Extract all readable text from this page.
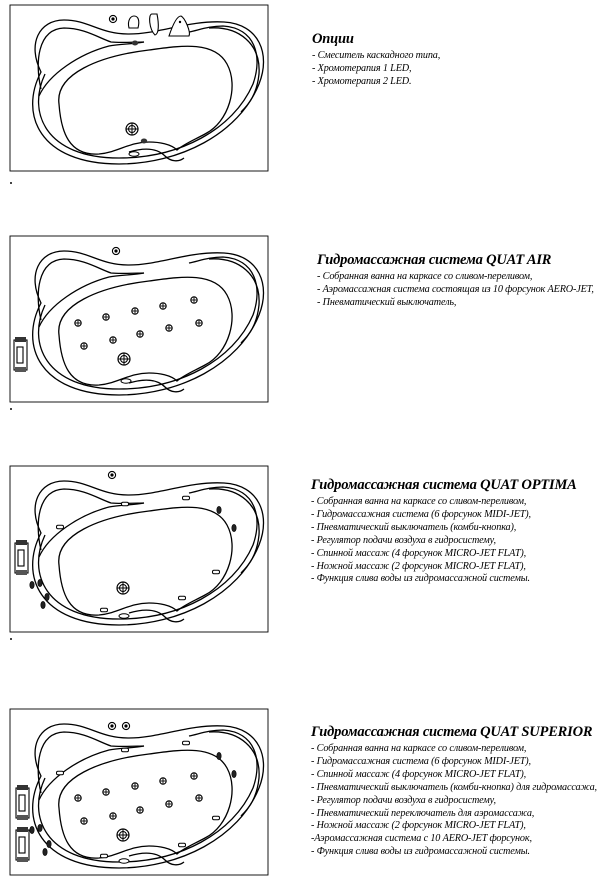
Опции
- Смеситель каскадного типа,
- Хромотерапия 1 LED,
- Хромотерапия 2 LED.
Гидромассажная система QUAT AIR
- Собранная ванна на каркасе со сливом-переливом,
- Аэромассажная система состоящая из 10 форсунок AERO-JET,
- Пневматический выключатель,
Гидромассажная система QUAT OPTIMA
- Собранная ванна на каркасе со сливом-переливом,
- Гидромассажная система (6 форсунок MIDI-JET),
- Пневматический выключатель (комби-кнопка),
- Регулятор подачи воздуха в гидросистему,
- Спинной массаж (4 форсунок MICRO-JET FLAT),
- Ножной массаж (2 форсунок MICRO-JET FLAT),
- Функция слива воды из гидромассажной системы.
Гидромассажная система QUAT SUPERIOR
- Собранная ванна на каркасе со сливом-переливом,
- Гидромассажная система (6 форсунок MIDI-JET),
- Спинной массаж (4 форсунок MICRO-JET FLAT),
- Пневматический выключатель (комби-кнопка) для гидромассажа,
- Регулятор подачи воздуха в гидросистему,
- Пневматический переключатель для аэромассажа,
- Ножной массаж (2 форсунок MICRO-JET FLAT),
-Аэромассажная система с 10 AERO-JET форсунок,
- Функция слива воды из гидромассажной системы.
